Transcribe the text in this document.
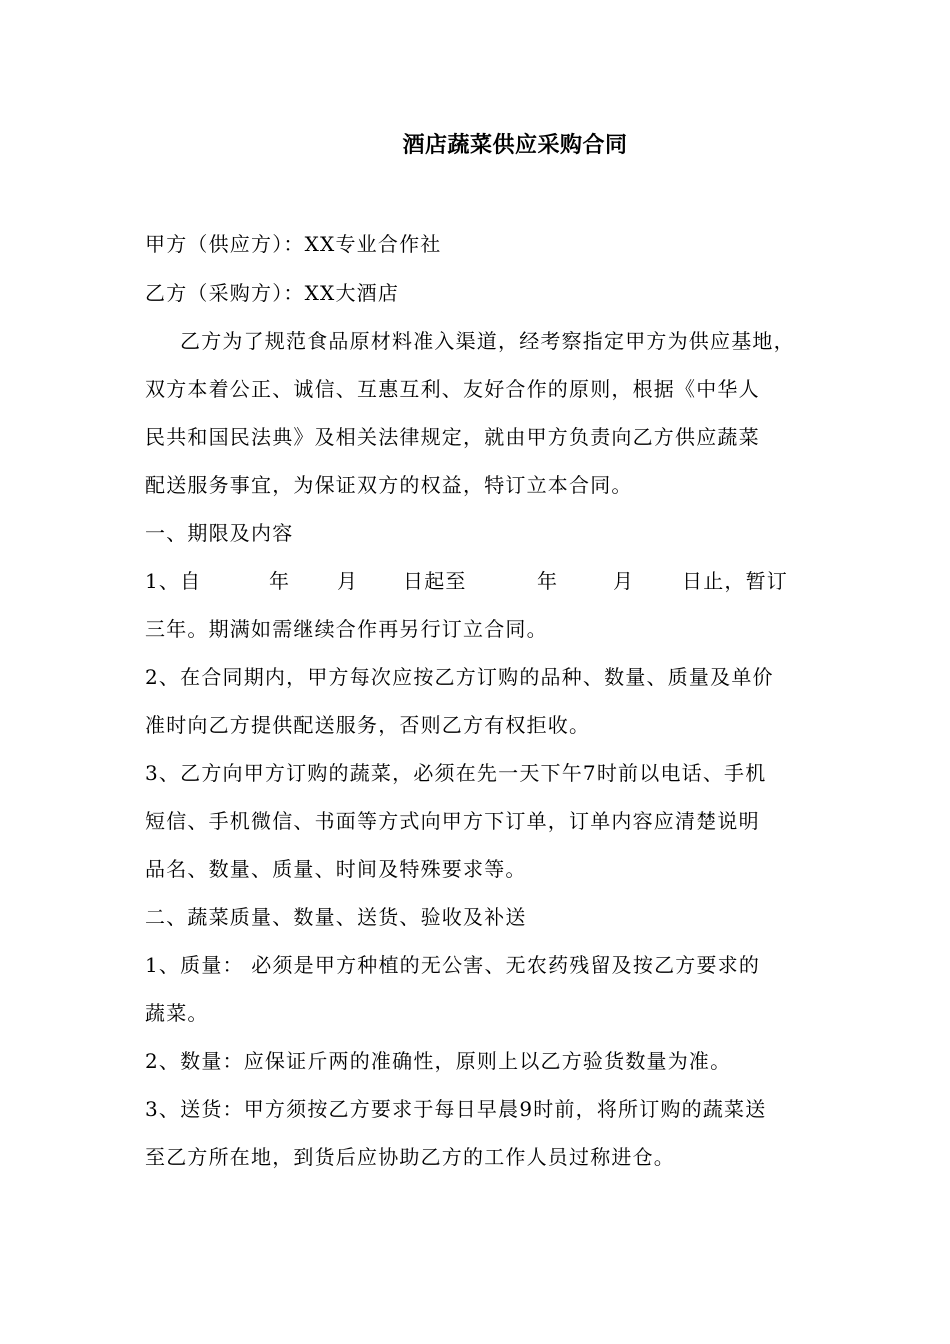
酒店蔬菜供应采购合同
甲方（供应方）：XX专业合作社
乙方（采购方）：XX大酒店
乙方为了规范食品原材料准入渠道，经考察指定甲方为供应基地，
双方本着公正、诚信、互惠互利、友好合作的原则，根据《中华人
民共和国民法典》及相关法律规定，就由甲方负责向乙方供应蔬菜
配送服务事宜，为保证双方的权益，特订立本合同。
一、期限及内容
1、自	年 月 日起至	年	月 日止，暂订
三年。期满如需继续合作再另行订立合同。
2、在合同期内，甲方每次应按乙方订购的品种、数量、质量及单价
准时向乙方提供配送服务，否则乙方有权拒收。
3、乙方向甲方订购的蔬菜，必须在先一天下午7时前以电话、手机
短信、手机微信、书面等方式向甲方下订单，订单内容应清楚说明
品名、数量、质量、时间及特殊要求等。
二、蔬菜质量、数量、送货、验收及补送
1、质量： 必须是甲方种植的无公害、无农药残留及按乙方要求的
蔬菜。
2、数量：应保证斤两的准确性，原则上以乙方验货数量为准。
3、送货：甲方须按乙方要求于每日早晨9时前，将所订购的蔬菜送
至乙方所在地，到货后应协助乙方的工作人员过称进仓。
